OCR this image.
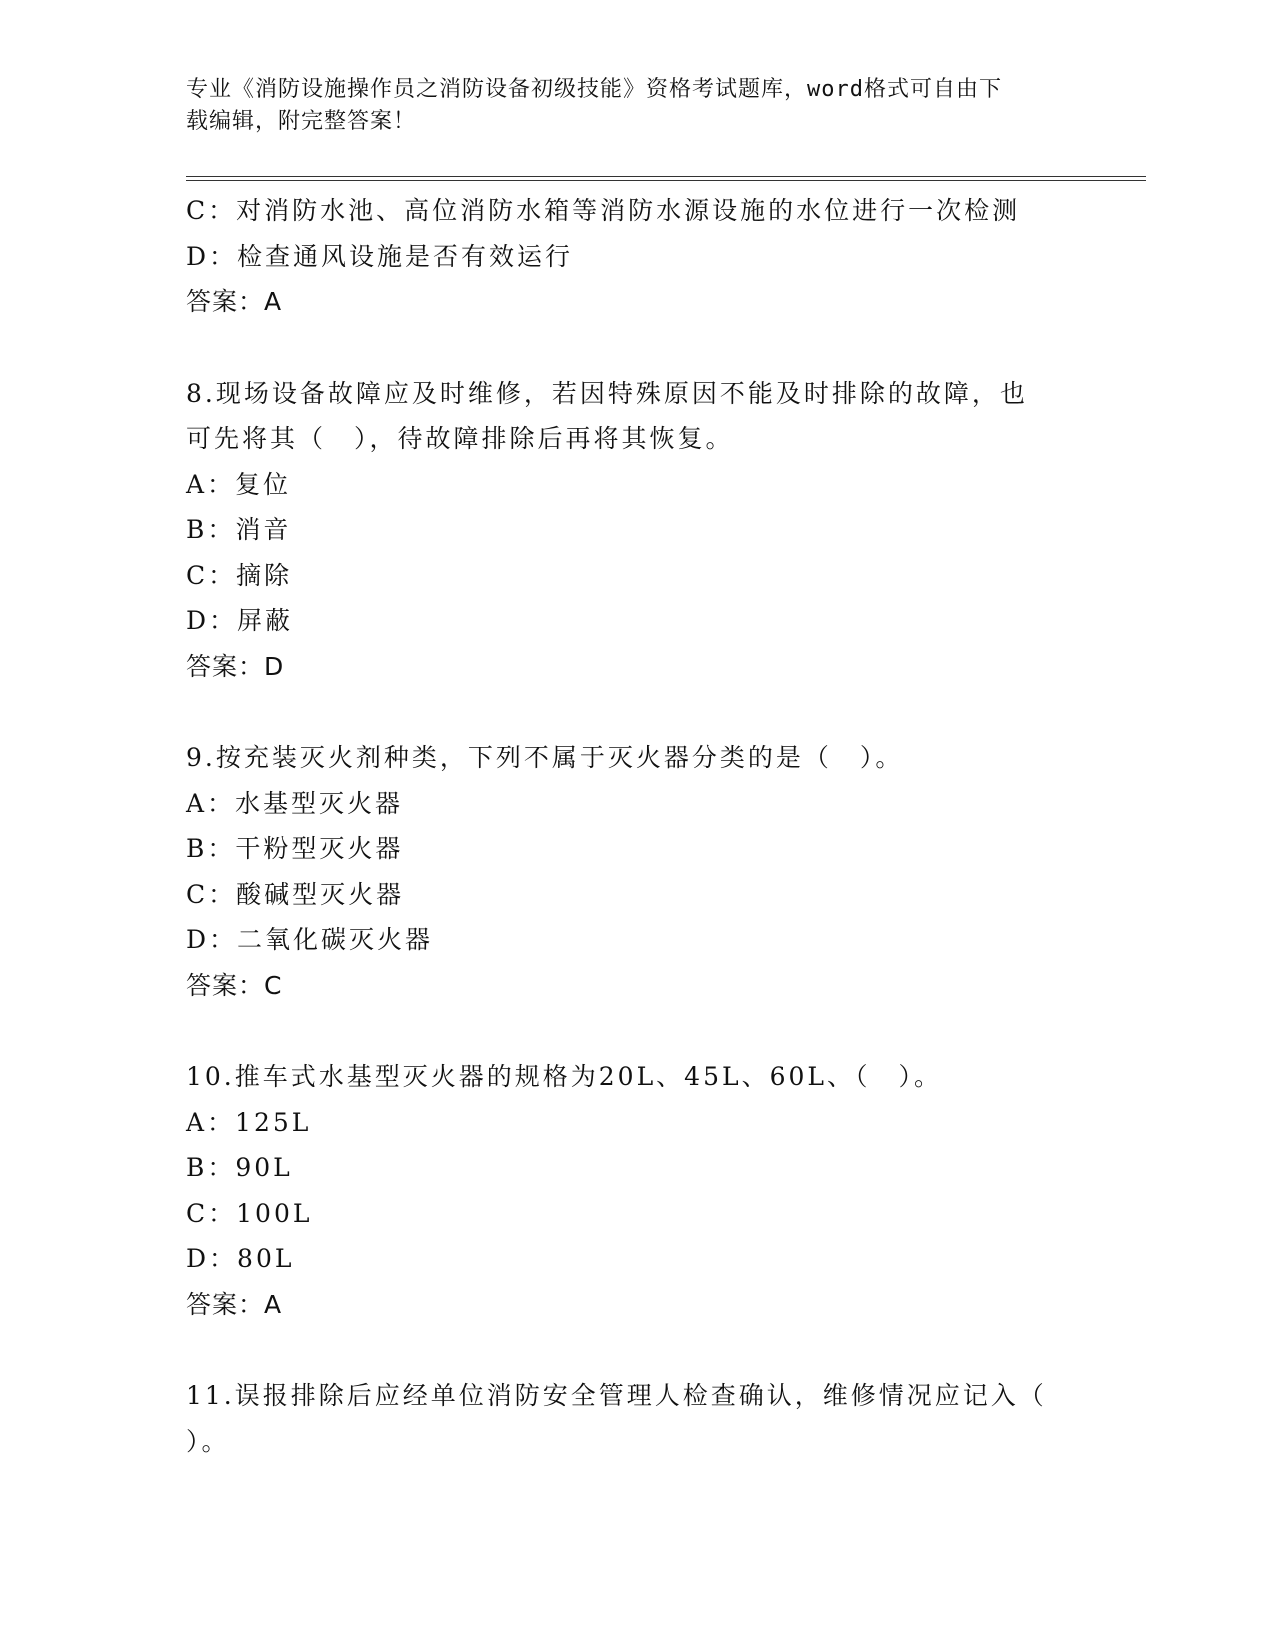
专业《消防设施操作员之消防设备初级技能》资格考试题库，word格式可自由下
载编辑，附完整答案！
C：对消防水池、高位消防水箱等消防水源设施的水位进行一次检测
D：检查通风设施是否有效运行
答案：A
8.现场设备故障应及时维修，若因特殊原因不能及时排除的故障，也
可先将其（　），待故障排除后再将其恢复。
A：复位
B：消音
C：摘除
D：屏蔽
答案：D
9.按充装灭火剂种类，下列不属于灭火器分类的是（　）。
A：水基型灭火器
B：干粉型灭火器
C：酸碱型灭火器
D：二氧化碳灭火器
答案：C
10.推车式水基型灭火器的规格为20L、45L、60L、（　）。
A：125L
B：90L
C：100L
D：80L
答案：A
11.误报排除后应经单位消防安全管理人检查确认，维修情况应记入（
）。
